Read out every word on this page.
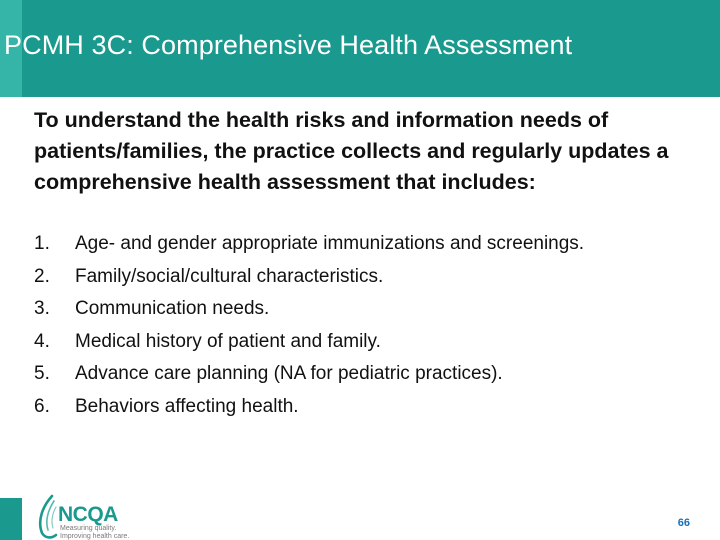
PCMH 3C: Comprehensive Health Assessment

To understand the health risks and information needs of patients/families, the practice collects and regularly updates a comprehensive health assessment that includes:

1. Age- and gender appropriate immunizations and screenings.
2. Family/social/cultural characteristics.
3. Communication needs.
4. Medical history of patient and family.
5. Advance care planning (NA for pediatric practices).
6. Behaviors affecting health.
NCQA
Measuring quality.
Improving health care.
66
